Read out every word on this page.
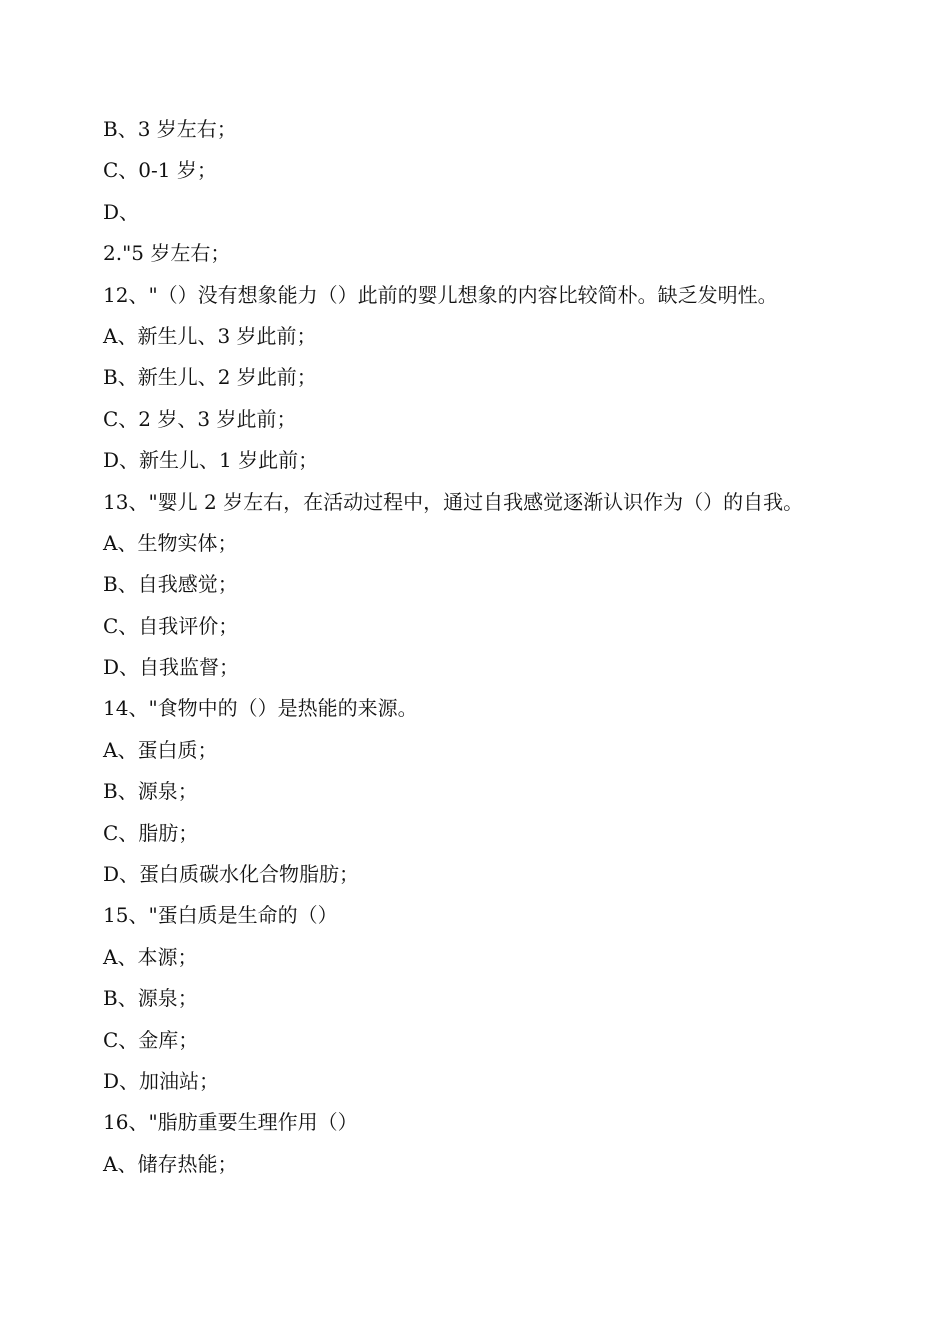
B、3 岁左右；
C、0-1 岁；
D、
2."5 岁左右；
12、"（）没有想象能力（）此前的婴儿想象的内容比较简朴。缺乏发明性。
A、新生儿、3 岁此前；
B、新生儿、2 岁此前；
C、2 岁、3 岁此前；
D、新生儿、1 岁此前；
13、"婴儿 2 岁左右，在活动过程中，通过自我感觉逐渐认识作为（）的自我。
A、生物实体；
B、自我感觉；
C、自我评价；
D、自我监督；
14、"食物中的（）是热能的来源。
A、蛋白质；
B、源泉；
C、脂肪；
D、蛋白质碳水化合物脂肪；
15、"蛋白质是生命的（）
A、本源；
B、源泉；
C、金库；
D、加油站；
16、"脂肪重要生理作用（）
A、储存热能；
